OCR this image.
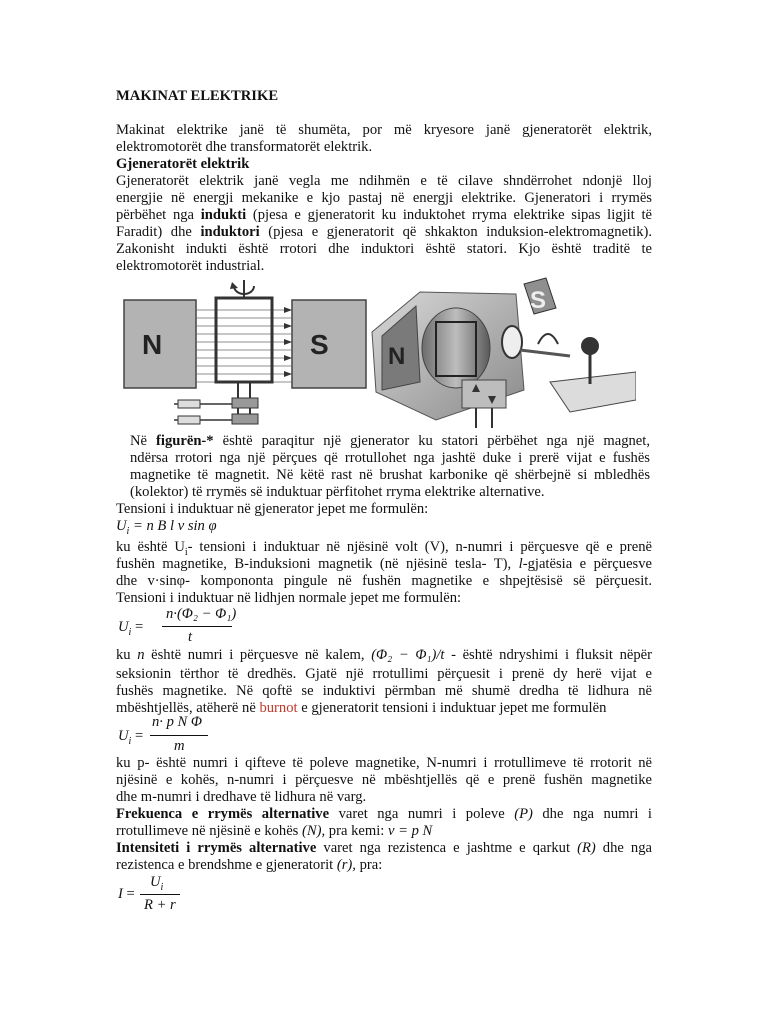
MAKINAT ELEKTRIKE
Makinat elektrike janë të shumëta, por më kryesore janë gjeneratorët elektrik,
elektromotorët dhe transformatorët elektrik.
Gjeneratorët elektrik
Gjeneratorët elektrik janë vegla me ndihmën e të cilave shndërrohet ndonjë lloj
energjie në energji mekanike e kjo pastaj në energji elektrike. Gjeneratori i rrymës
përbëhet nga indukti (pjesa e gjeneratorit ku induktohet rryma elektrike sipas ligjit të
Faradit) dhe induktori (pjesa e gjeneratorit që shkakton induksion-elektromagnetik).
Zakonisht indukti është rrotori dhe induktori është statori. Kjo është traditë te
elektromotorët industrial.
N	S N
S
Në figurën-* është paraqitur një gjenerator ku statori përbëhet nga një magnet,
ndërsa rrotori nga një përçues që rrotullohet nga jashtë duke i prerë vijat e fushës
magnetike të magnetit. Në këtë rast në brushat karbonike që shërbejnë si mbledhës
(kolektor) të rrymës së induktuar përfitohet rryma elektrike alternative.
Tensioni i induktuar në gjenerator jepet me formulën:
$U_i = n$ B l v sin φ
ku është $U_i-$ tensioni i induktuar në njësinë volt (V), n-numri i përçuesve që e prenë
fushën magnetike, B-induksioni magnetik (në njësinë tesla- T), l-gjatësia e përçuesve
dhe v·sinφ- kompononta pingule në fushën magnetike e shpejtësisë së përçuesit.
Tensioni i induktuar në lidhjen normale jepet me formulën:
$U_i$ =
n·(Φ₂ − Φ₁)
t
ku n është numri i përçuesve në kalem, (Φ₂ − Φ₁)/t - është ndryshimi i fluksit nëpër
seksionin tërthor të dredhës. Gjatë një rrotullimi përçuesit i prenë dy herë vijat e
fushës magnetike. Në qoftë se induktivi përmban më shumë dredha të lidhura në
mbështjellës, atëherë në burnot e gjeneratorit tensioni i induktuar jepet me formulën
$U_i$ =
n· p N Φ
m
ku p- është numri i qifteve të poleve magnetike, N-numri i rrotullimeve të rrotorit në
njësinë e kohës, n-numri i përçuesve në mbështjellës që e prenë fushën magnetike
dhe m-numri i dredhave të lidhura në varg.
Frekuenca e rrymës alternative varet nga numri i poleve (P) dhe nga numri i
rrotullimeve në njësinë e kohës (N), pra kemi: ν = p N
Intensiteti i rrymës alternative varet nga rezistenca e jashtme e qarkut (R) dhe nga
rezistenca e brendshme e gjeneratorit (r), pra:
I =
$U_i$
R + r
